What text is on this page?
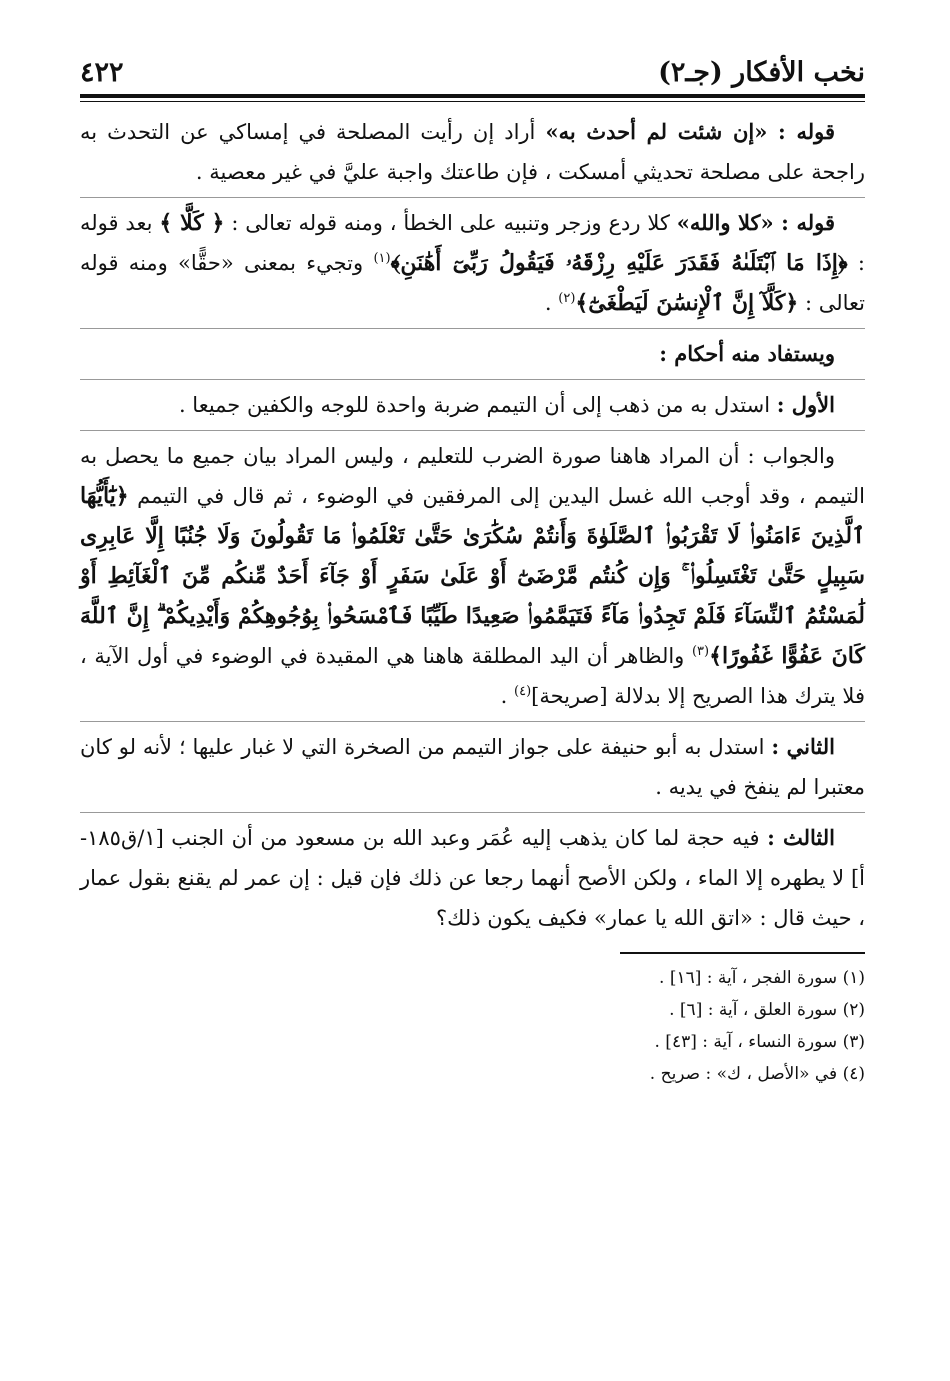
نخب الأفكار (جـ٢)
٤٢٢

قوله : «إن شئت لم أحدث به» أراد إن رأيت المصلحة في إمساكي عن التحدث به راجحة على مصلحة تحديثي أمسكت ، فإن طاعتك واجبة عليَّ في غير معصية .

قوله : «كلا والله» كلا ردع وزجر وتنبيه على الخطأ ، ومنه قوله تعالى : ﴿ كَلَّا ﴾ بعد قوله : ﴿إِذَا مَا ٱبْتَلَىٰهُ فَقَدَرَ عَلَيْهِ رِزْقَهُۥ فَيَقُولُ رَبِّىٓ أَهَٰنَنِ﴾$^{(١)}$ وتجيء بمعنى «حقًّا» ومنه قوله تعالى : ﴿كَلَّآ إِنَّ ٱلْإِنسَٰنَ لَيَطْغَىٰٓ﴾$^{(٢)}$ .

ويستفاد منه أحكام :

الأول : استدل به من ذهب إلى أن التيمم ضربة واحدة للوجه والكفين جميعا .

والجواب : أن المراد هاهنا صورة الضرب للتعليم ، وليس المراد بيان جميع ما يحصل به التيمم ، وقد أوجب الله غسل اليدين إلى المرفقين في الوضوء ، ثم قال في التيمم ﴿يَٰٓأَيُّهَا ٱلَّذِينَ ءَامَنُوا۟ لَا تَقْرَبُوا۟ ٱلصَّلَوٰةَ وَأَنتُمْ سُكَٰرَىٰ حَتَّىٰ تَعْلَمُوا۟ مَا تَقُولُونَ وَلَا جُنُبًا إِلَّا عَابِرِى سَبِيلٍ حَتَّىٰ تَغْتَسِلُوا۟ ۚ وَإِن كُنتُم مَّرْضَىٰٓ أَوْ عَلَىٰ سَفَرٍ أَوْ جَآءَ أَحَدٌ مِّنكُم مِّنَ ٱلْغَآئِطِ أَوْ لَٰمَسْتُمُ ٱلنِّسَآءَ فَلَمْ تَجِدُوا۟ مَآءً فَتَيَمَّمُوا۟ صَعِيدًا طَيِّبًا فَٱمْسَحُوا۟ بِوُجُوهِكُمْ وَأَيْدِيكُمْ ۗ إِنَّ ٱللَّهَ كَانَ عَفُوًّا غَفُورًا﴾$^{(٣)}$ والظاهر أن اليد المطلقة هاهنا هي المقيدة في الوضوء في أول الآية ، فلا يترك هذا الصريح إلا بدلالة [صريحة]$^{(٤)}$ .

الثاني : استدل به أبو حنيفة على جواز التيمم من الصخرة التي لا غبار عليها ؛ لأنه لو كان معتبرا لم ينفخ في يديه .

الثالث : فيه حجة لما كان يذهب إليه عُمَر وعبد الله بن مسعود من أن الجنب [١/ق١٨٥-أ] لا يطهره إلا الماء ، ولكن الأصح أنهما رجعا عن ذلك فإن قيل : إن عمر لم يقنع بقول عمار ، حيث قال : «اتق الله يا عمار» فكيف يكون ذلك؟

(١) سورة الفجر ، آية : [١٦] .

(٢) سورة العلق ، آية : [٦] .

(٣) سورة النساء ، آية : [٤٣] .

(٤) في «الأصل ، ك» : صريح .
